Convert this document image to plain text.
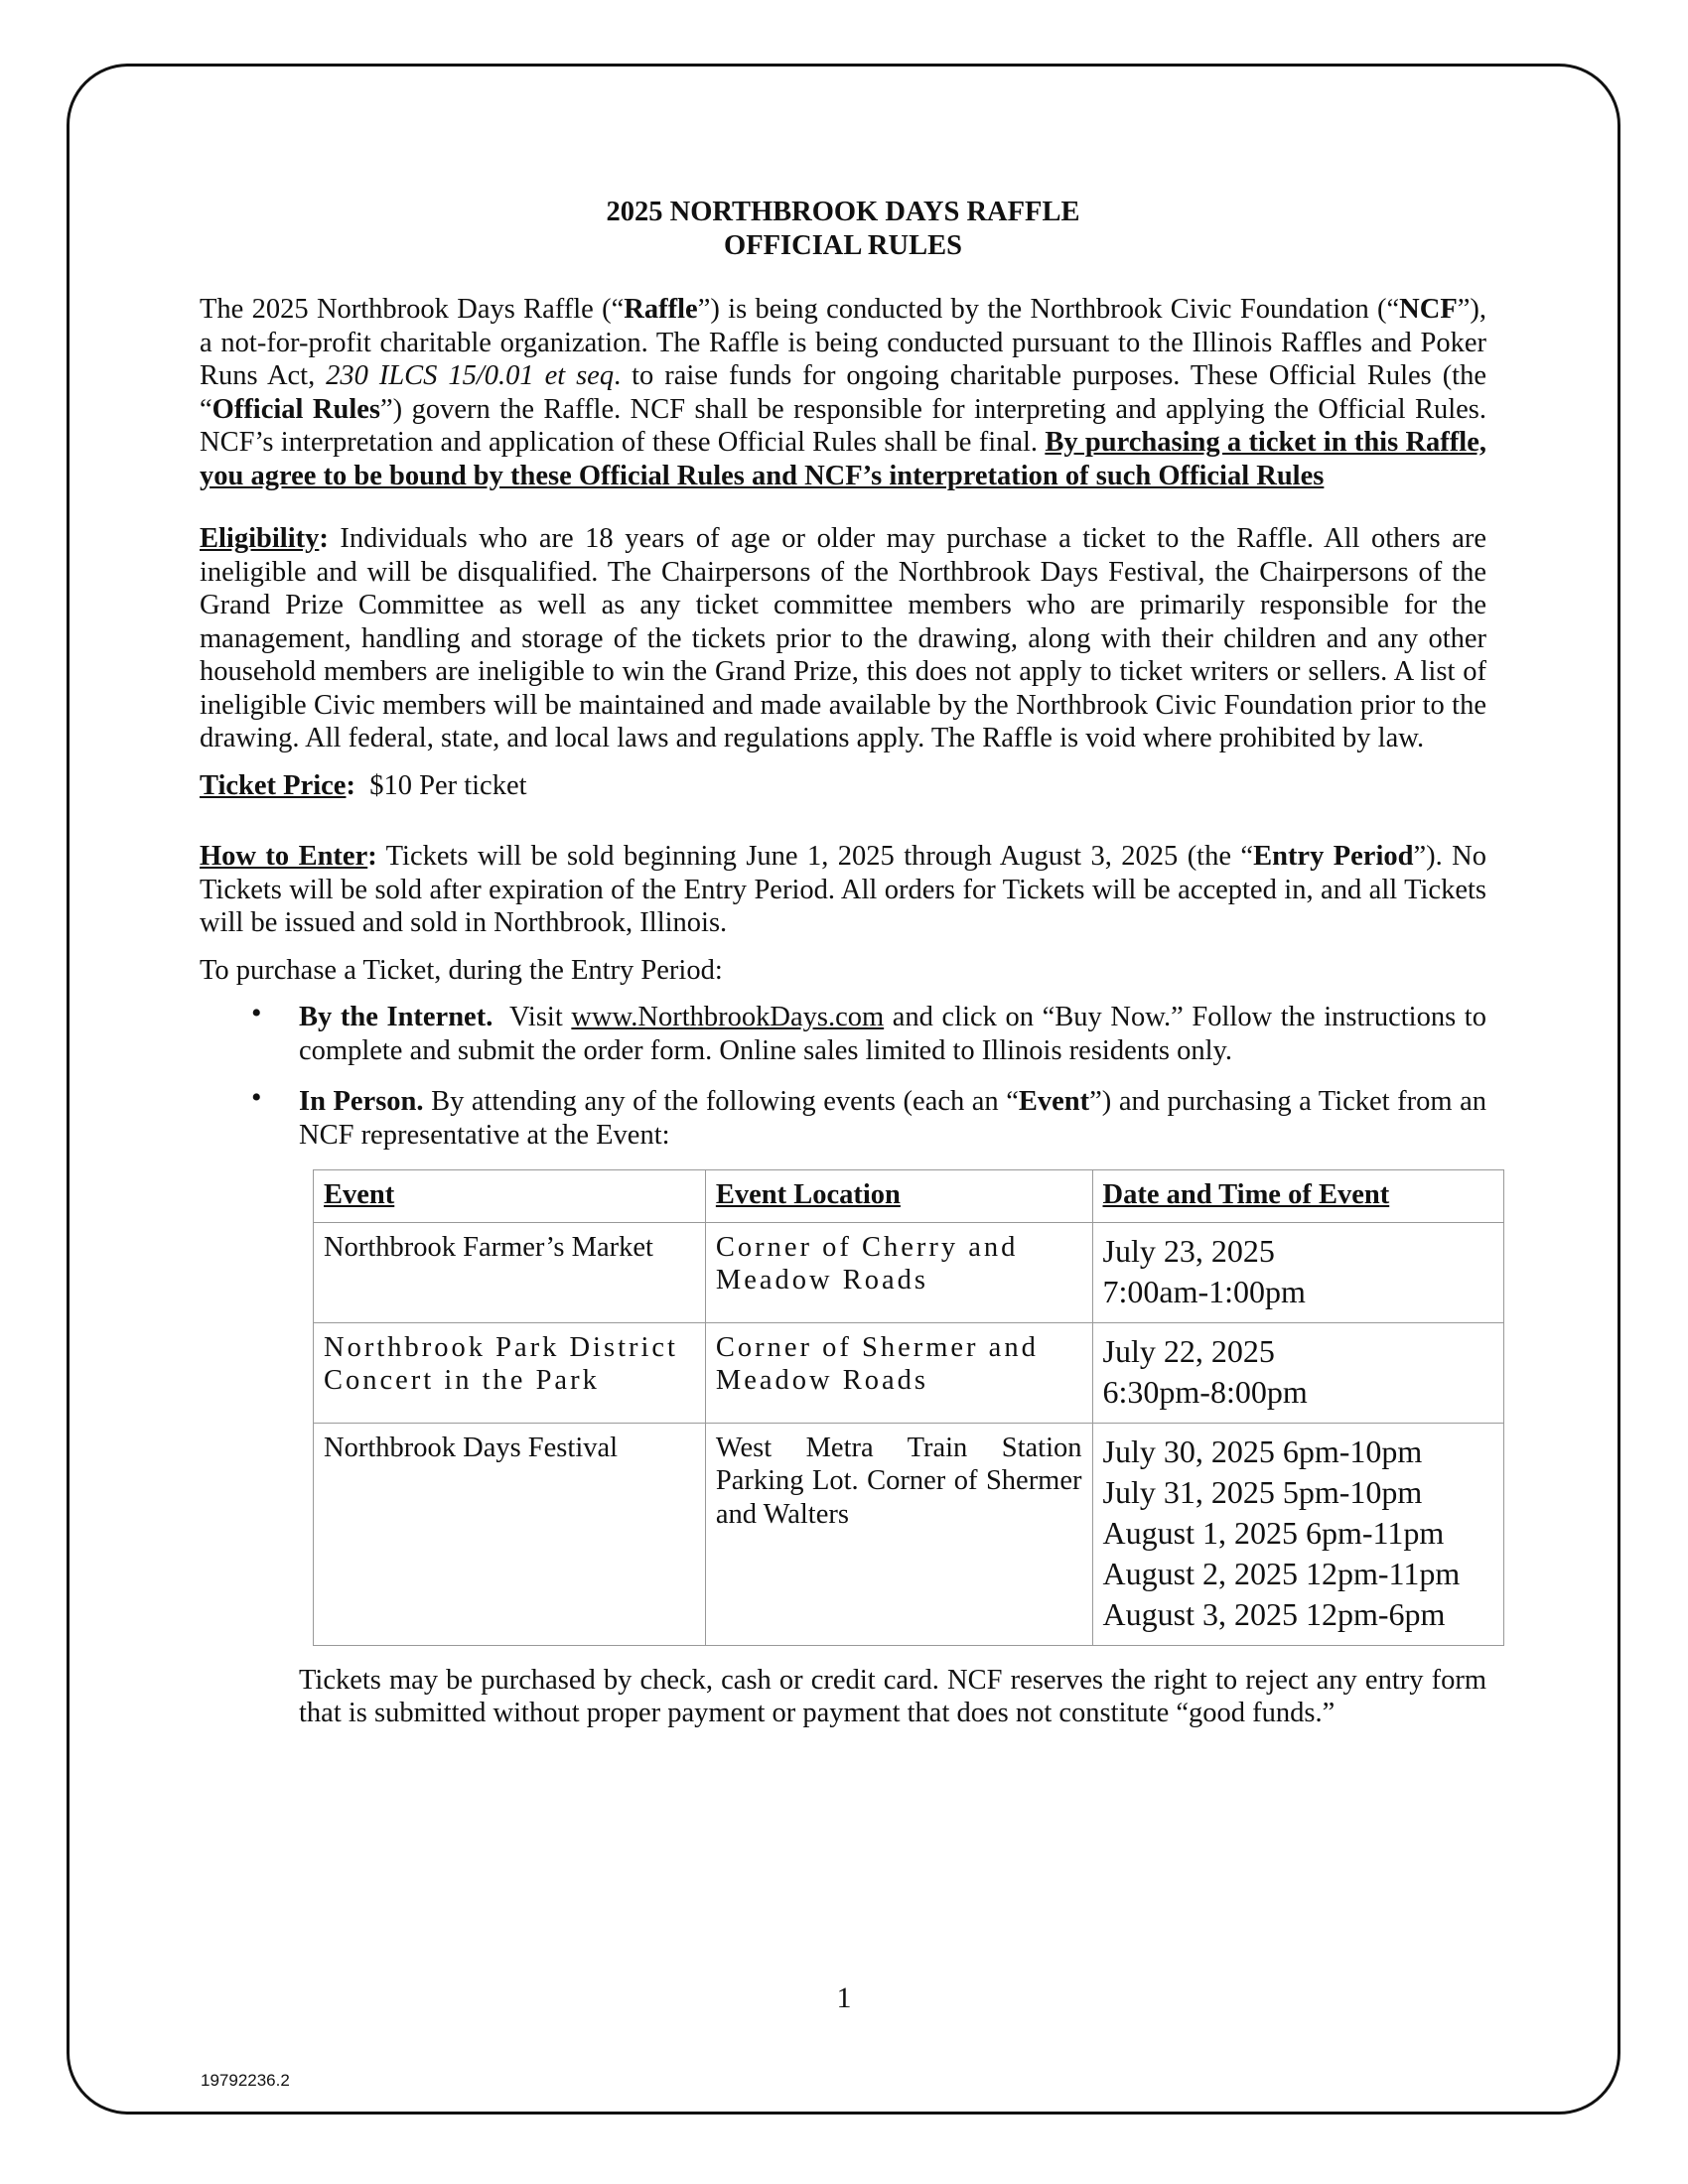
2025 NORTHBROOK DAYS RAFFLE
OFFICIAL RULES

The 2025 Northbrook Days Raffle (“Raffle”) is being conducted by the Northbrook Civic Foundation (“NCF”), a not-for-profit charitable organization. The Raffle is being conducted pursuant to the Illinois Raffles and Poker Runs Act, 230 ILCS 15/0.01 et seq. to raise funds for ongoing charitable purposes. These Official Rules (the “Official Rules”) govern the Raffle. NCF shall be responsible for interpreting and applying the Official Rules. NCF’s interpretation and application of these Official Rules shall be final. By purchasing a ticket in this Raffle, you agree to be bound by these Official Rules and NCF’s interpretation of such Official Rules

Eligibility: Individuals who are 18 years of age or older may purchase a ticket to the Raffle. All others are ineligible and will be disqualified. The Chairpersons of the Northbrook Days Festival, the Chairpersons of the Grand Prize Committee as well as any ticket committee members who are primarily responsible for the management, handling and storage of the tickets prior to the drawing, along with their children and any other household members are ineligible to win the Grand Prize, this does not apply to ticket writers or sellers. A list of ineligible Civic members will be maintained and made available by the Northbrook Civic Foundation prior to the drawing. All federal, state, and local laws and regulations apply. The Raffle is void where prohibited by law.

Ticket Price:  $10 Per ticket

How to Enter: Tickets will be sold beginning June 1, 2025 through August 3, 2025 (the “Entry Period”). No Tickets will be sold after expiration of the Entry Period. All orders for Tickets will be accepted in, and all Tickets will be issued and sold in Northbrook, Illinois.

To purchase a Ticket, during the Entry Period:

• By the Internet.  Visit www.NorthbrookDays.com and click on “Buy Now.” Follow the instructions to complete and submit the order form. Online sales limited to Illinois residents only.
• In Person. By attending any of the following events (each an “Event”) and purchasing a Ticket from an NCF representative at the Event:
Event	Event Location	Date and Time of Event
Northbrook Farmer’s Market	Corner of Cherry and Meadow Roads	July 23, 2025
7:00am-1:00pm

Northbrook Park District Concert in the Park	Corner of Shermer and Meadow Roads	July 22, 2025
6:30pm-8:00pm

Northbrook Days Festival	West Metra Train Station Parking Lot. Corner of Shermer and Walters	July 30, 2025 6pm-10pm
July 31, 2025 5pm-10pm
August 1, 2025 6pm-11pm
August 2, 2025 12pm-11pm
August 3, 2025 12pm-6pm

Tickets may be purchased by check, cash or credit card. NCF reserves the right to reject any entry form that is submitted without proper payment or payment that does not constitute “good funds.”

1
19792236.2
